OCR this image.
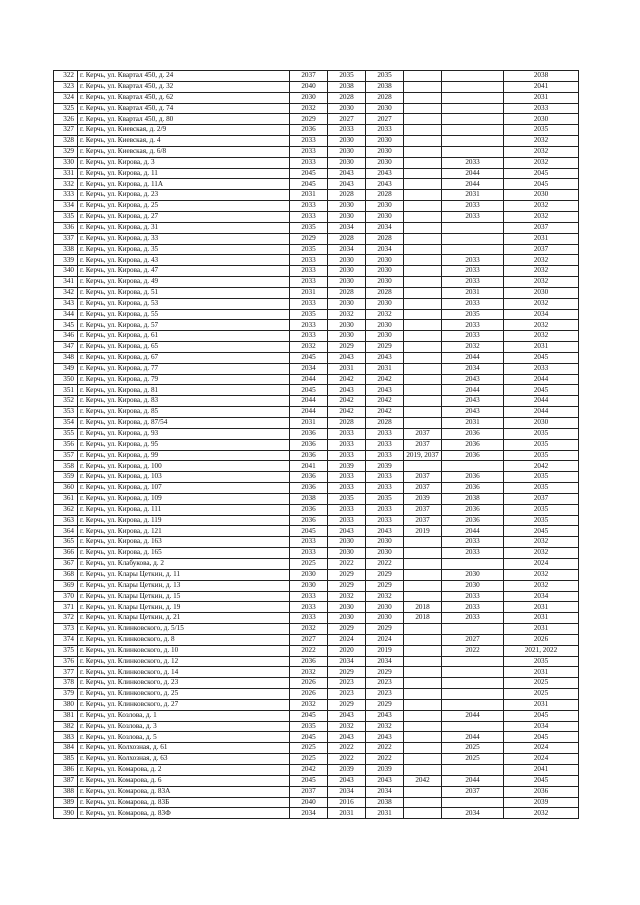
322	г. Керчь, ул. Квартал 450, д. 24	2037	2035	2035			2038
323	г. Керчь, ул. Квартал 450, д. 32	2040	2038	2038			2041
324	г. Керчь, ул. Квартал 450, д. 62	2030	2028	2028			2031
325	г. Керчь, ул. Квартал 450, д. 74	2032	2030	2030			2033
326	г. Керчь, ул. Квартал 450, д. 80	2029	2027	2027			2030
327	г. Керчь, ул. Киевская, д. 2/9	2036	2033	2033			2035
328	г. Керчь, ул. Киевская, д. 4	2033	2030	2030			2032
329	г. Керчь, ул. Киевская, д. 6/8	2033	2030	2030			2032
330	г. Керчь, ул. Кирова, д. 3	2033	2030	2030		2033	2032
331	г. Керчь, ул. Кирова, д. 11	2045	2043	2043		2044	2045
332	г. Керчь, ул. Кирова, д. 11А	2045	2043	2043		2044	2045
333	г. Керчь, ул. Кирова, д. 23	2031	2028	2028		2031	2030
334	г. Керчь, ул. Кирова, д. 25	2033	2030	2030		2033	2032
335	г. Керчь, ул. Кирова, д. 27	2033	2030	2030		2033	2032
336	г. Керчь, ул. Кирова, д. 31	2035	2034	2034			2037
337	г. Керчь, ул. Кирова, д. 33	2029	2028	2028			2031
338	г. Керчь, ул. Кирова, д. 35	2035	2034	2034			2037
339	г. Керчь, ул. Кирова, д. 43	2033	2030	2030		2033	2032
340	г. Керчь, ул. Кирова, д. 47	2033	2030	2030		2033	2032
341	г. Керчь, ул. Кирова, д. 49	2033	2030	2030		2033	2032
342	г. Керчь, ул. Кирова, д. 51	2031	2028	2028		2031	2030
343	г. Керчь, ул. Кирова, д. 53	2033	2030	2030		2033	2032
344	г. Керчь, ул. Кирова, д. 55	2035	2032	2032		2035	2034
345	г. Керчь, ул. Кирова, д. 57	2033	2030	2030		2033	2032
346	г. Керчь, ул. Кирова, д. 61	2033	2030	2030		2033	2032
347	г. Керчь, ул. Кирова, д. 65	2032	2029	2029		2032	2031
348	г. Керчь, ул. Кирова, д. 67	2045	2043	2043		2044	2045
349	г. Керчь, ул. Кирова, д. 77	2034	2031	2031		2034	2033
350	г. Керчь, ул. Кирова, д. 79	2044	2042	2042		2043	2044
351	г. Керчь, ул. Кирова, д. 81	2045	2043	2043		2044	2045
352	г. Керчь, ул. Кирова, д. 83	2044	2042	2042		2043	2044
353	г. Керчь, ул. Кирова, д. 85	2044	2042	2042		2043	2044
354	г. Керчь, ул. Кирова, д. 87/54	2031	2028	2028		2031	2030
355	г. Керчь, ул. Кирова, д. 93	2036	2033	2033	2037	2036	2035
356	г. Керчь, ул. Кирова, д. 95	2036	2033	2033	2037	2036	2035
357	г. Керчь, ул. Кирова, д. 99	2036	2033	2033	2019, 2037	2036	2035
358	г. Керчь, ул. Кирова, д. 100	2041	2039	2039			2042
359	г. Керчь, ул. Кирова, д. 103	2036	2033	2033	2037	2036	2035
360	г. Керчь, ул. Кирова, д. 107	2036	2033	2033	2037	2036	2035
361	г. Керчь, ул. Кирова, д. 109	2038	2035	2035	2039	2038	2037
362	г. Керчь, ул. Кирова, д. 111	2036	2033	2033	2037	2036	2035
363	г. Керчь, ул. Кирова, д. 119	2036	2033	2033	2037	2036	2035
364	г. Керчь, ул. Кирова, д. 121	2045	2043	2043	2019	2044	2045
365	г. Керчь, ул. Кирова, д. 163	2033	2030	2030		2033	2032
366	г. Керчь, ул. Кирова, д. 165	2033	2030	2030		2033	2032
367	г. Керчь, ул. Клабукова, д. 2	2025	2022	2022			2024
368	г. Керчь, ул. Клары Цеткин, д. 11	2030	2029	2029		2030	2032
369	г. Керчь, ул. Клары Цеткин, д. 13	2030	2029	2029		2030	2032
370	г. Керчь, ул. Клары Цеткин, д. 15	2033	2032	2032		2033	2034
371	г. Керчь, ул. Клары Цеткин, д. 19	2033	2030	2030	2018	2033	2031
372	г. Керчь, ул. Клары Цеткин, д. 21	2033	2030	2030	2018	2033	2031
373	г. Керчь, ул. Клинковского, д. 5/15	2032	2029	2029			2031
374	г. Керчь, ул. Клинковского, д. 8	2027	2024	2024		2027	2026
375	г. Керчь, ул. Клинковского, д. 10	2022	2020	2019		2022	2021, 2022
376	г. Керчь, ул. Клинковского, д. 12	2036	2034	2034			2035
377	г. Керчь, ул. Клинковского, д. 14	2032	2029	2029			2031
378	г. Керчь, ул. Клинковского, д. 23	2026	2023	2023			2025
379	г. Керчь, ул. Клинковского, д. 25	2026	2023	2023			2025
380	г. Керчь, ул. Клинковского, д. 27	2032	2029	2029			2031
381	г. Керчь, ул. Козлова, д. 1	2045	2043	2043		2044	2045
382	г. Керчь, ул. Козлова, д. 3	2035	2032	2032			2034
383	г. Керчь, ул. Козлова, д. 5	2045	2043	2043		2044	2045
384	г. Керчь, ул. Колхозная, д. 61	2025	2022	2022		2025	2024
385	г. Керчь, ул. Колхозная, д. 63	2025	2022	2022		2025	2024
386	г. Керчь, ул. Комарова, д. 2	2042	2039	2039			2041
387	г. Керчь, ул. Комарова, д. 6	2045	2043	2043	2042	2044	2045
388	г. Керчь, ул. Комарова, д. 83А	2037	2034	2034		2037	2036
389	г. Керчь, ул. Комарова, д. 83Б	2040	2016	2038			2039
390	г. Керчь, ул. Комарова, д. 83Ф	2034	2031	2031		2034	2032
